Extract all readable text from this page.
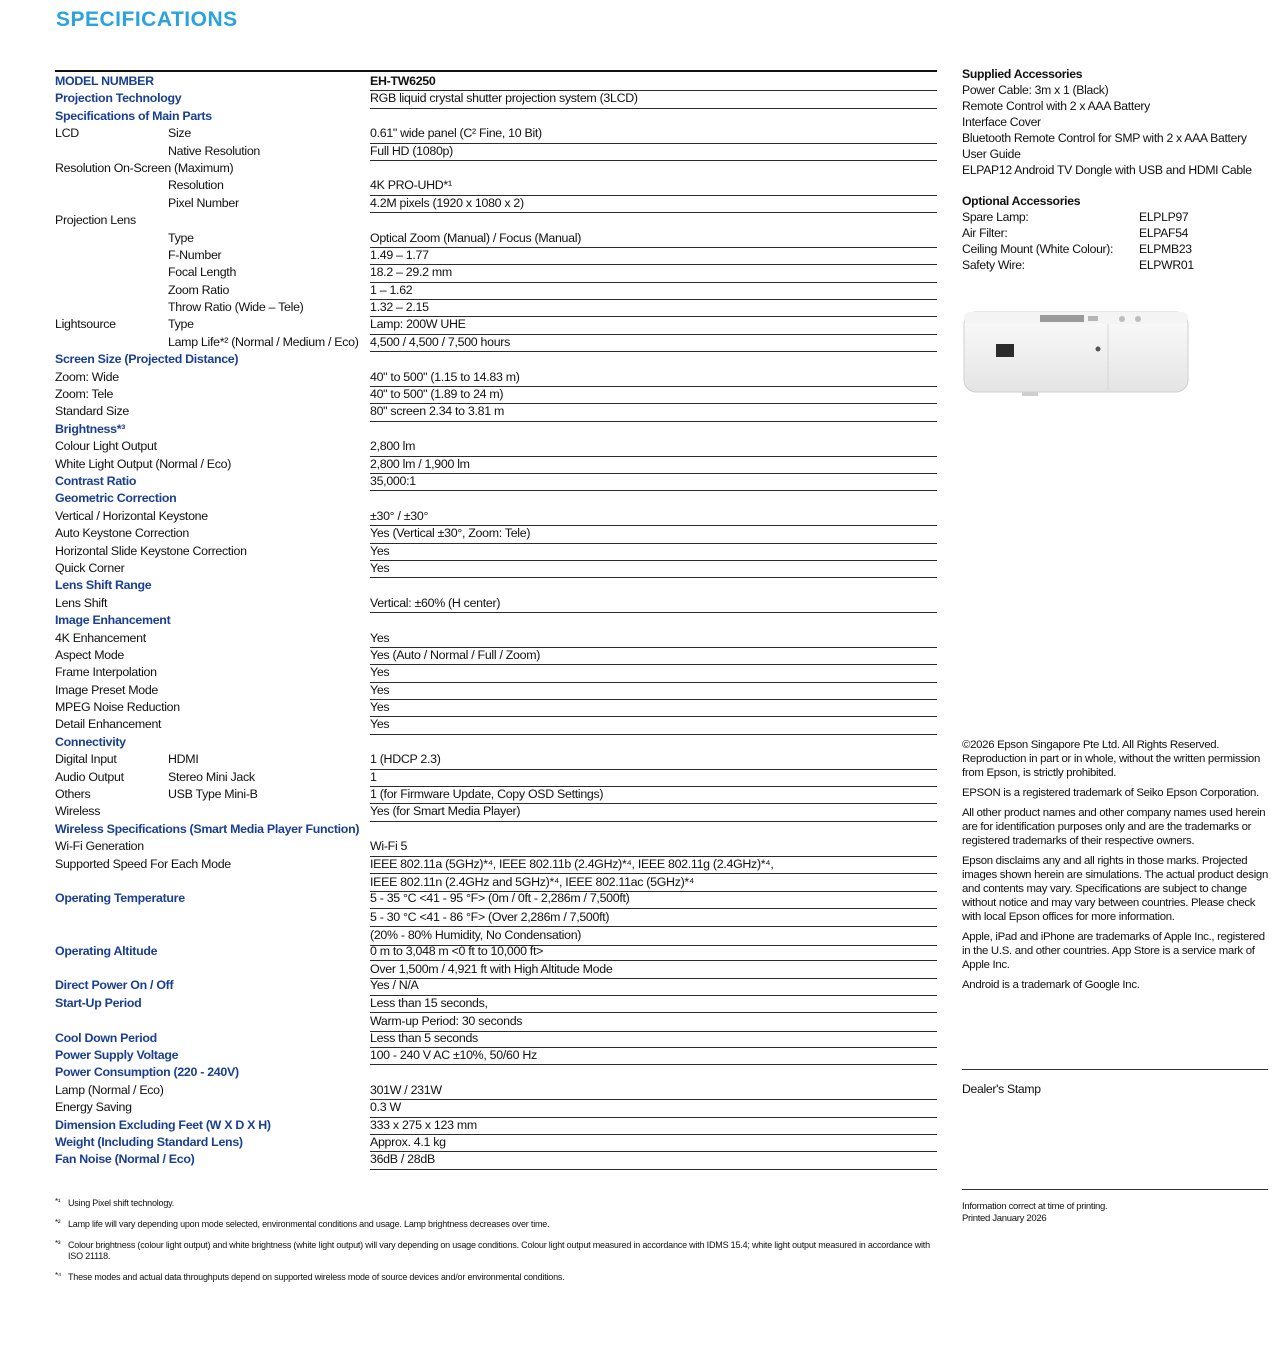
SPECIFICATIONS
MODEL NUMBER	EH-TW6250
Projection Technology	RGB liquid crystal shutter projection system (3LCD)
Specifications of Main Parts
LCD	Size	0.61" wide panel (C² Fine, 10 Bit)
Native Resolution	Full HD (1080p)
Resolution On-Screen (Maximum)
Resolution	4K PRO-UHD*¹
Pixel Number	4.2M pixels (1920 x 1080 x 2)
Projection Lens
Type	Optical Zoom (Manual) / Focus (Manual)
F-Number	1.49 – 1.77
Focal Length	18.2 – 29.2 mm
Zoom Ratio	1 – 1.62
Throw Ratio (Wide – Tele)	1.32 – 2.15
Lightsource	Type	Lamp: 200W UHE
Lamp Life*² (Normal / Medium / Eco) 4,500 / 4,500 / 7,500 hours
Screen Size (Projected Distance)
Zoom: Wide	40" to 500" (1.15 to 14.83 m)
Zoom: Tele	40" to 500" (1.89 to 24 m)
Standard Size	80" screen 2.34 to 3.81 m
Brightness*³
Colour Light Output	2,800 lm
White Light Output (Normal / Eco)	2,800 lm / 1,900 lm
Contrast Ratio	35,000:1
Geometric Correction
Vertical / Horizontal Keystone	±30° / ±30°
Auto Keystone Correction	Yes (Vertical ±30°, Zoom: Tele)
Horizontal Slide Keystone Correction	Yes
Quick Corner	Yes
Lens Shift Range
Lens Shift	Vertical: ±60% (H center)
Image Enhancement
4K Enhancement	Yes
Aspect Mode	Yes (Auto / Normal / Full / Zoom)
Frame Interpolation	Yes
Image Preset Mode	Yes
MPEG Noise Reduction	Yes
Detail Enhancement	Yes
Connectivity
Digital Input	HDMI	1 (HDCP 2.3)
Audio Output	Stereo Mini Jack	1
Others	USB Type Mini-B	1 (for Firmware Update, Copy OSD Settings)
Wireless	Yes (for Smart Media Player)
Wireless Specifications (Smart Media Player Function)
Wi-Fi Generation	Wi-Fi 5
Supported Speed For Each Mode	IEEE 802.11a (5GHz)*⁴, IEEE 802.11b (2.4GHz)*⁴, IEEE 802.11g (2.4GHz)*⁴,
IEEE 802.11n (2.4GHz and 5GHz)*⁴, IEEE 802.11ac (5GHz)*⁴
Operating Temperature	5 - 35 °C <41 - 95 °F> (0m / 0ft - 2,286m / 7,500ft)
5 - 30 °C <41 - 86 °F> (Over 2,286m / 7,500ft)
(20% - 80% Humidity, No Condensation)
Operating Altitude	0 m to 3,048 m <0 ft to 10,000 ft>
Over 1,500m / 4,921 ft with High Altitude Mode
Direct Power On / Off	Yes / N/A
Start-Up Period	Less than 15 seconds,
Warm-up Period: 30 seconds
Cool Down Period	Less than 5 seconds
Power Supply Voltage	100 - 240 V AC ±10%, 50/60 Hz
Power Consumption (220 - 240V)
Lamp (Normal / Eco)	301W / 231W
Energy Saving	0.3 W
Dimension Excluding Feet (W X D X H)	333 x 275 x 123 mm
Weight (Including Standard Lens)	Approx. 4.1 kg
Fan Noise (Normal / Eco)	36dB / 28dB
*¹ Using Pixel shift technology.
*² Lamp life will vary depending upon mode selected, environmental conditions and usage. Lamp brightness decreases over time.
*³ Colour brightness (colour light output) and white brightness (white light output) will vary depending on usage conditions. Colour light output measured in accordance with IDMS 15.4; white light output measured in accordance with ISO 21118.
*⁴ These modes and actual data throughputs depend on supported wireless mode of source devices and/or environmental conditions.
Supplied Accessories
Power Cable: 3m x 1 (Black)
Remote Control with 2 x AAA Battery
Interface Cover
Bluetooth Remote Control for SMP with 2 x AAA Battery
User Guide
ELPAP12 Android TV Dongle with USB and HDMI Cable
Optional Accessories
Spare Lamp:	ELPLP97
Air Filter:	ELPAF54
Ceiling Mount (White Colour): ELPMB23
Safety Wire:	ELPWR01

©2026 Epson Singapore Pte Ltd. All Rights Reserved. Reproduction in part or in whole, without the written permission from Epson, is strictly prohibited.

EPSON is a registered trademark of Seiko Epson Corporation.

All other product names and other company names used herein are for identification purposes only and are the trademarks or registered trademarks of their respective owners.

Epson disclaims any and all rights in those marks. Projected images shown herein are simulations. The actual product design and contents may vary. Specifications are subject to change without notice and may vary between countries. Please check with local Epson offices for more information.

Apple, iPad and iPhone are trademarks of Apple Inc., registered in the U.S. and other countries. App Store is a service mark of Apple Inc.

Android is a trademark of Google Inc.

Dealer's Stamp
Information correct at time of printing.
Printed January 2026
